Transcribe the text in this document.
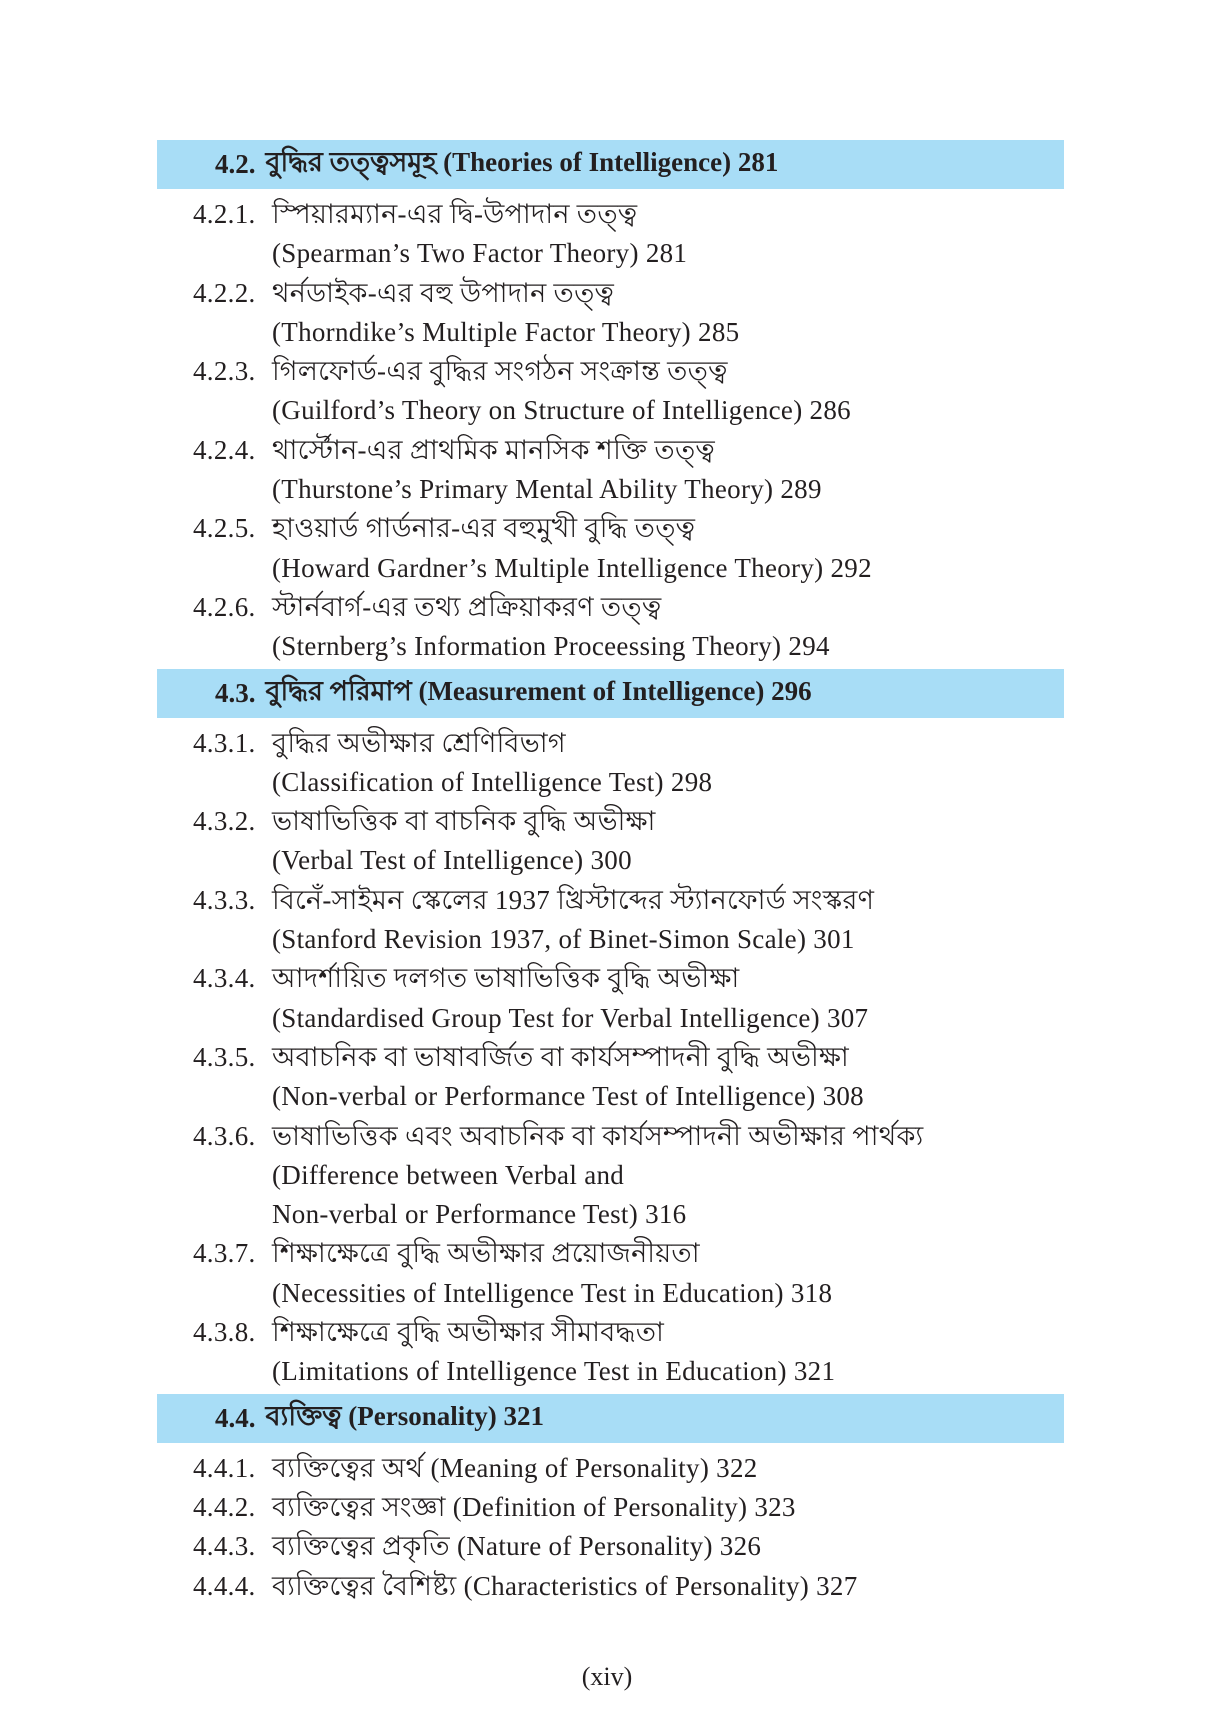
4.2. বুদ্ধির তত্ত্বসমূহ (Theories of Intelligence) 281
4.2.1. স্পিয়ারম্যান-এর দ্বি-উপাদান তত্ত্ব
(Spearman’s Two Factor Theory) 281
4.2.2. থর্নডাইক-এর বহু উপাদান তত্ত্ব
(Thorndike’s Multiple Factor Theory) 285
4.2.3. গিলফোর্ড-এর বুদ্ধির সংগঠন সংক্রান্ত তত্ত্ব
(Guilford’s Theory on Structure of Intelligence) 286
4.2.4. থার্স্টোন-এর প্রাথমিক মানসিক শক্তি তত্ত্ব
(Thurstone’s Primary Mental Ability Theory) 289
4.2.5. হাওয়ার্ড গার্ডনার-এর বহুমুখী বুদ্ধি তত্ত্ব
(Howard Gardner’s Multiple Intelligence Theory) 292
4.2.6. স্টার্নবার্গ-এর তথ্য প্রক্রিয়াকরণ তত্ত্ব
(Sternberg’s Information Proceessing Theory) 294
4.3. বুদ্ধির পরিমাপ (Measurement of Intelligence) 296
4.3.1. বুদ্ধির অভীক্ষার শ্রেণিবিভাগ
(Classification of Intelligence Test) 298
4.3.2. ভাষাভিত্তিক বা বাচনিক বুদ্ধি অভীক্ষা
(Verbal Test of Intelligence) 300
4.3.3. বিনেঁ-সাইমন স্কেলের 1937 খ্রিস্টাব্দের স্ট্যানফোর্ড সংস্করণ
(Stanford Revision 1937, of Binet-Simon Scale) 301
4.3.4. আদর্শায়িত দলগত ভাষাভিত্তিক বুদ্ধি অভীক্ষা
(Standardised Group Test for Verbal Intelligence) 307
4.3.5. অবাচনিক বা ভাষাবর্জিত বা কার্যসম্পাদনী বুদ্ধি অভীক্ষা
(Non-verbal or Performance Test of Intelligence) 308
4.3.6. ভাষাভিত্তিক এবং অবাচনিক বা কার্যসম্পাদনী অভীক্ষার পার্থক্য
(Difference between Verbal and
Non-verbal or Performance Test) 316
4.3.7. শিক্ষাক্ষেত্রে বুদ্ধি অভীক্ষার প্রয়োজনীয়তা
(Necessities of Intelligence Test in Education) 318
4.3.8. শিক্ষাক্ষেত্রে বুদ্ধি অভীক্ষার সীমাবদ্ধতা
(Limitations of Intelligence Test in Education) 321
4.4. ব্যক্তিত্ব (Personality) 321
4.4.1. ব্যক্তিত্বের অর্থ (Meaning of Personality) 322
4.4.2. ব্যক্তিত্বের সংজ্ঞা (Definition of Personality) 323
4.4.3. ব্যক্তিত্বের প্রকৃতি (Nature of Personality) 326
4.4.4. ব্যক্তিত্বের বৈশিষ্ট্য (Characteristics of Personality) 327
(xiv)
